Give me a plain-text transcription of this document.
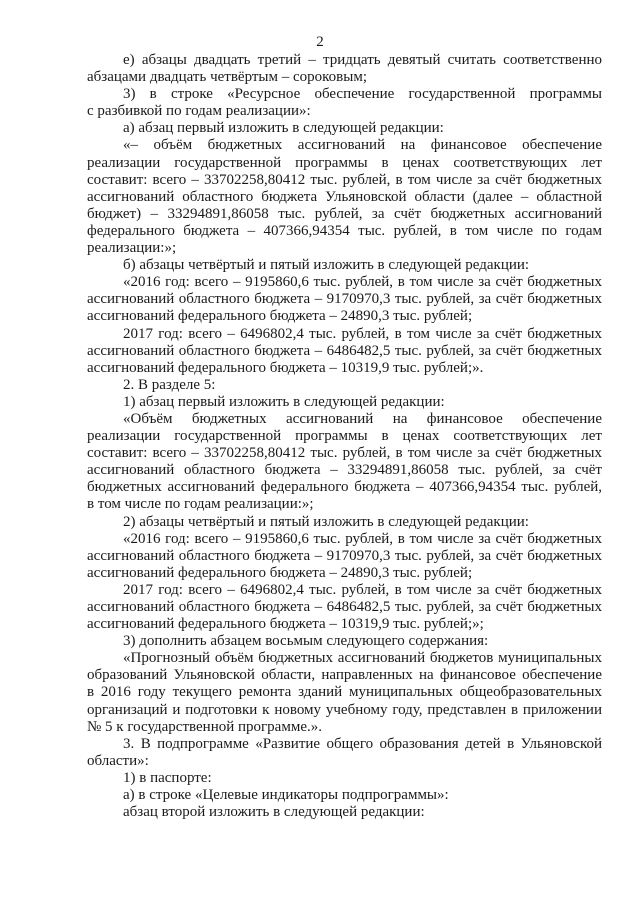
2
е) абзацы двадцать третий – тридцать девятый считать соответственно
абзацами двадцать четвёртым – сороковым;
3) в строке «Ресурсное обеспечение государственной программы
с разбивкой по годам реализации»:
а) абзац первый изложить в следующей редакции:
«– объём бюджетных ассигнований на финансовое обеспечение
реализации государственной программы в ценах соответствующих лет
составит: всего – 33702258,80412 тыс. рублей, в том числе за счёт бюджетных
ассигнований областного бюджета Ульяновской области (далее – областной
бюджет) – 33294891,86058 тыс. рублей, за счёт бюджетных ассигнований
федерального бюджета – 407366,94354 тыс. рублей, в том числе по годам
реализации:»;
б) абзацы четвёртый и пятый изложить в следующей редакции:
«2016 год: всего – 9195860,6 тыс. рублей, в том числе за счёт бюджетных
ассигнований областного бюджета – 9170970,3 тыс. рублей, за счёт бюджетных
ассигнований федерального бюджета – 24890,3 тыс. рублей;
2017 год: всего – 6496802,4 тыс. рублей, в том числе за счёт бюджетных
ассигнований областного бюджета – 6486482,5 тыс. рублей, за счёт бюджетных
ассигнований федерального бюджета – 10319,9 тыс. рублей;».
2. В разделе 5:
1) абзац первый изложить в следующей редакции:
«Объём бюджетных ассигнований на финансовое обеспечение
реализации государственной программы в ценах соответствующих лет
составит: всего – 33702258,80412 тыс. рублей, в том числе за счёт бюджетных
ассигнований областного бюджета – 33294891,86058 тыс. рублей, за счёт
бюджетных ассигнований федерального бюджета – 407366,94354 тыс. рублей,
в том числе по годам реализации:»;
2) абзацы четвёртый и пятый изложить в следующей редакции:
«2016 год: всего – 9195860,6 тыс. рублей, в том числе за счёт бюджетных
ассигнований областного бюджета – 9170970,3 тыс. рублей, за счёт бюджетных
ассигнований федерального бюджета – 24890,3 тыс. рублей;
2017 год: всего – 6496802,4 тыс. рублей, в том числе за счёт бюджетных
ассигнований областного бюджета – 6486482,5 тыс. рублей, за счёт бюджетных
ассигнований федерального бюджета – 10319,9 тыс. рублей;»;
3) дополнить абзацем восьмым следующего содержания:
«Прогнозный объём бюджетных ассигнований бюджетов муниципальных
образований Ульяновской области, направленных на финансовое обеспечение
в 2016 году текущего ремонта зданий муниципальных общеобразовательных
организаций и подготовки к новому учебному году, представлен в приложении
№ 5 к государственной программе.».
3. В подпрограмме «Развитие общего образования детей в Ульяновской
области»:
1) в паспорте:
а) в строке «Целевые индикаторы подпрограммы»:
абзац второй изложить в следующей редакции:
